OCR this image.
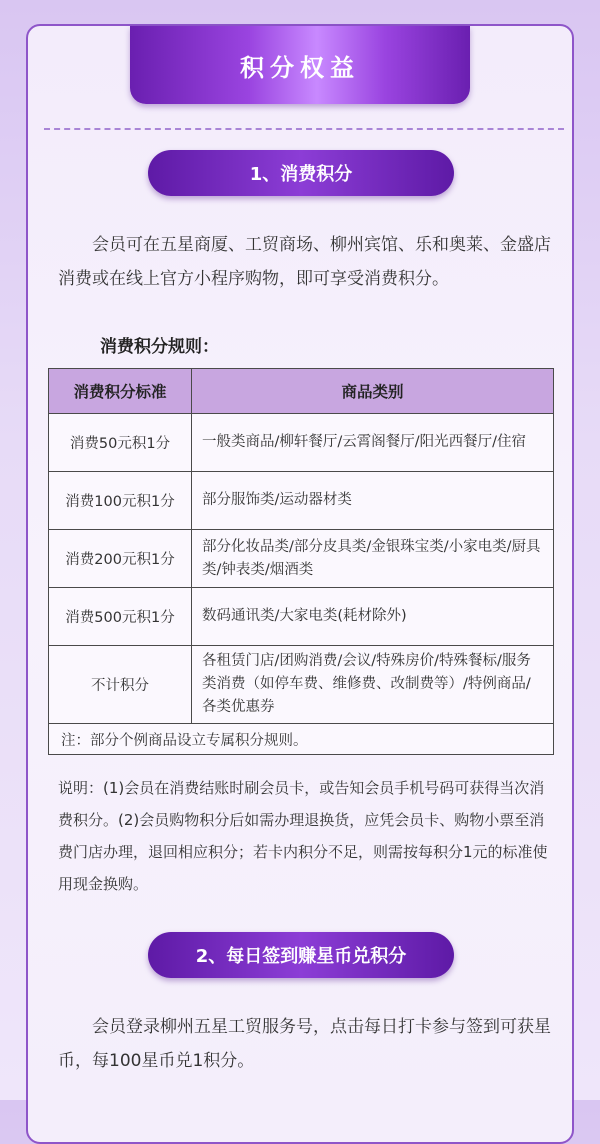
积分权益
1、消费积分

会员可在五星商厦、工贸商场、柳州宾馆、乐和奥莱、金盛店消费或在线上官方小程序购物，即可享受消费积分。

消费积分规则：
消费积分标准	商品类别
消费50元积1分	一般类商品/柳轩餐厅/云霄阁餐厅/阳光西餐厅/住宿
消费100元积1分	部分服饰类/运动器材类
消费200元积1分	部分化妆品类/部分皮具类/金银珠宝类/小家电类/厨具类/钟表类/烟酒类
消费500元积1分	数码通讯类/大家电类(耗材除外)
不计积分	各租赁门店/团购消费/会议/特殊房价/特殊餐标/服务类消费（如停车费、维修费、改制费等）/特例商品/各类优惠券
注：部分个例商品设立专属积分规则。	

说明：(1)会员在消费结账时刷会员卡，或告知会员手机号码可获得当次消费积分。(2)会员购物积分后如需办理退换货，应凭会员卡、购物小票至消费门店办理，退回相应积分；若卡内积分不足，则需按每积分1元的标准使用现金换购。

2、每日签到赚星币兑积分

会员登录柳州五星工贸服务号，点击每日打卡参与签到可获星币，每100星币兑1积分。
